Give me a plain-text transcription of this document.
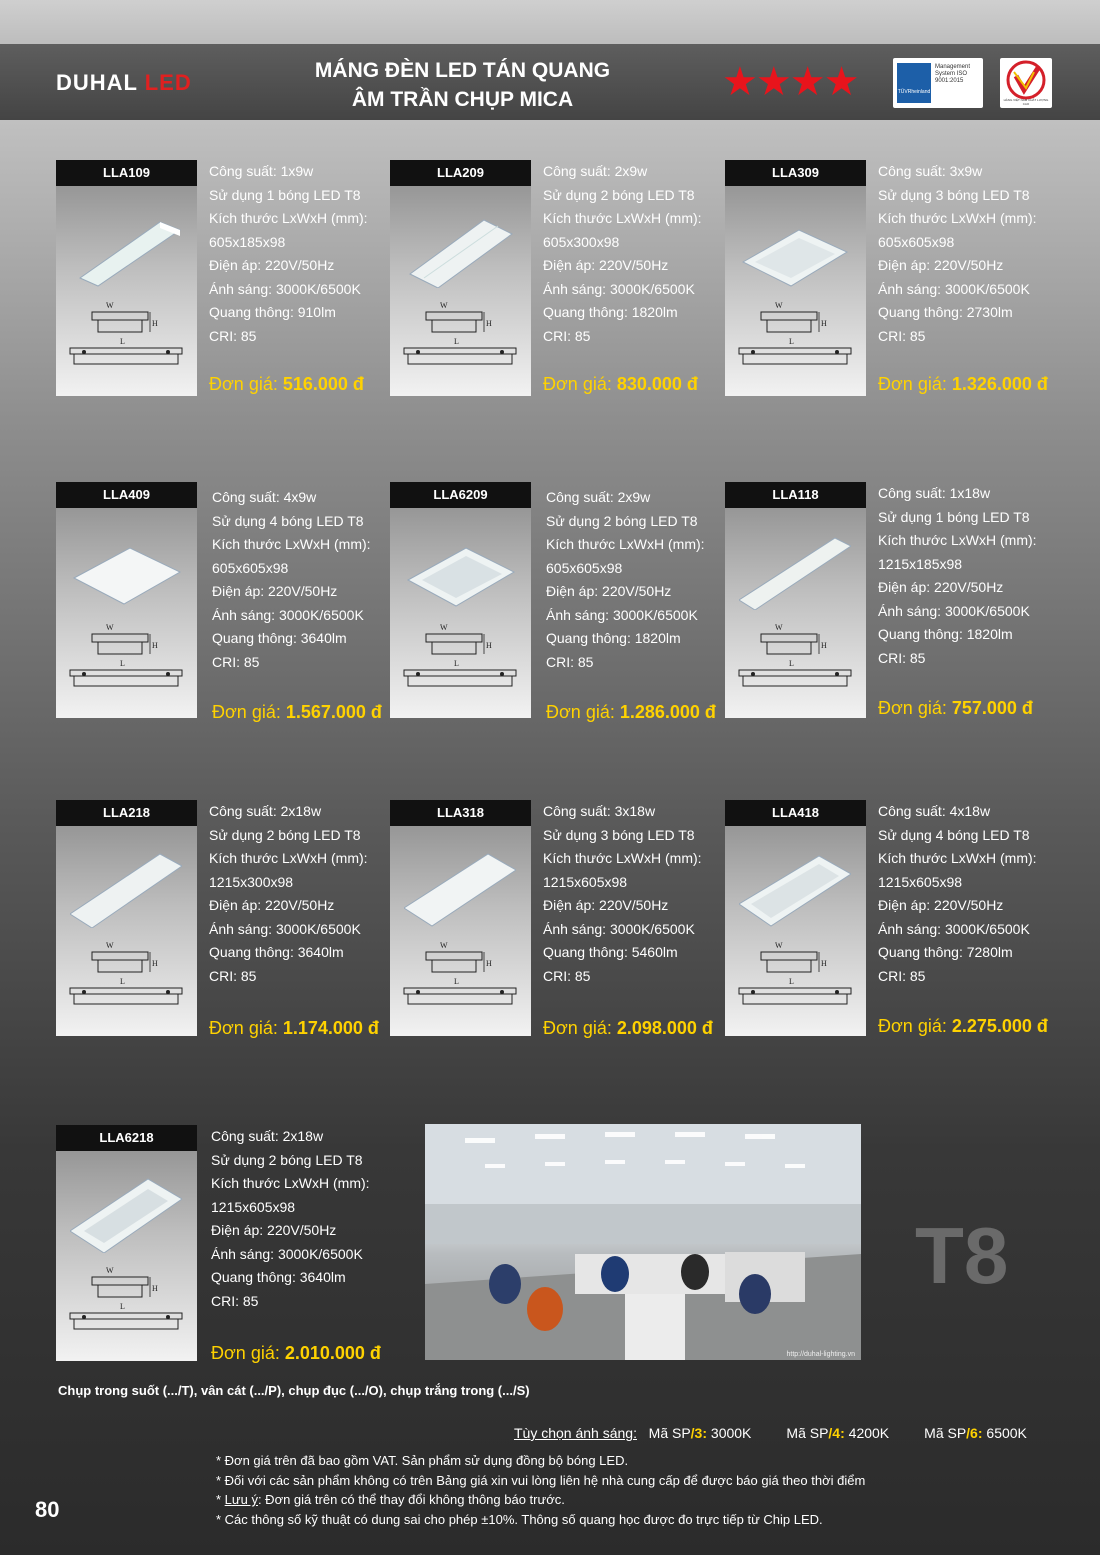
DUHAL LED	MÁNG ĐÈN LED TÁN QUANG
ÂM TRẦN CHỤP MICA	★★★★	TÜVRheinland
Management System ISO 9001:2015
HÀNG VIỆT NAM CHẤT LƯỢNG CAO
LLA109	Công suất: 1x9w
Sử dụng 1 bóng LED T8
Kích thước LxWxH (mm):
605x185x98
Điện áp: 220V/50Hz
Ánh sáng: 3000K/6500K
Quang thông: 910lm
CRI: 85
Đơn giá: 516.000 đ
LLA209	Công suất: 2x9w
Sử dụng 2 bóng LED T8
Kích thước LxWxH (mm):
605x300x98
Điện áp: 220V/50Hz
Ánh sáng: 3000K/6500K
Quang thông: 1820lm
CRI: 85
Đơn giá: 830.000 đ
LLA309	Công suất: 3x9w
Sử dụng 3 bóng LED T8
Kích thước LxWxH (mm):
605x605x98
Điện áp: 220V/50Hz
Ánh sáng: 3000K/6500K
Quang thông: 2730lm
CRI: 85
Đơn giá: 1.326.000 đ
LLA409	Công suất: 4x9w
Sử dụng 4 bóng LED T8
Kích thước LxWxH (mm):
605x605x98
Điện áp: 220V/50Hz
Ánh sáng: 3000K/6500K
Quang thông: 3640lm
CRI: 85
Đơn giá: 1.567.000 đ
LLA6209	Công suất: 2x9w
Sử dụng 2 bóng LED T8
Kích thước LxWxH (mm):
605x605x98
Điện áp: 220V/50Hz
Ánh sáng: 3000K/6500K
Quang thông: 1820lm
CRI: 85
Đơn giá: 1.286.000 đ
LLA118	Công suất: 1x18w
Sử dụng 1 bóng LED T8
Kích thước LxWxH (mm):
1215x185x98
Điện áp: 220V/50Hz
Ánh sáng: 3000K/6500K
Quang thông: 1820lm
CRI: 85
Đơn giá: 757.000 đ
LLA218	Công suất: 2x18w
Sử dụng 2 bóng LED T8
Kích thước LxWxH (mm):
1215x300x98
Điện áp: 220V/50Hz
Ánh sáng: 3000K/6500K
Quang thông: 3640lm
CRI: 85
Đơn giá: 1.174.000 đ
LLA318	Công suất: 3x18w
Sử dụng 3 bóng LED T8
Kích thước LxWxH (mm):
1215x605x98
Điện áp: 220V/50Hz
Ánh sáng: 3000K/6500K
Quang thông: 5460lm
CRI: 85
Đơn giá: 2.098.000 đ
LLA418	Công suất: 4x18w
Sử dụng 4 bóng LED T8
Kích thước LxWxH (mm):
1215x605x98
Điện áp: 220V/50Hz
Ánh sáng: 3000K/6500K
Quang thông: 7280lm
CRI: 85
Đơn giá: 2.275.000 đ
LLA6218	Công suất: 2x18w
Sử dụng 2 bóng LED T8
Kích thước LxWxH (mm):
1215x605x98
Điện áp: 220V/50Hz
Ánh sáng: 3000K/6500K
Quang thông: 3640lm
CRI: 85
Đơn giá: 2.010.000 đ	http://duhal-lighting.vn
T8
Chụp trong suốt (.../T), vân cát (.../P), chụp đục (.../O), chụp trắng trong (.../S)
Tùy chọn ánh sáng: Mã SP/3: 3000K	Mã SP/4: 4200K	Mã SP/6: 6500K
* Đơn giá trên đã bao gồm VAT. Sản phẩm sử dụng đồng bộ bóng LED.
* Đối với các sản phẩm không có trên Bảng giá xin vui lòng liên hệ nhà cung cấp để được báo giá theo thời điểm
* Lưu ý: Đơn giá trên có thể thay đổi không thông báo trước.
* Các thông số kỹ thuật có dung sai cho phép ±10%. Thông số quang học được đo trực tiếp từ Chip LED.
80
